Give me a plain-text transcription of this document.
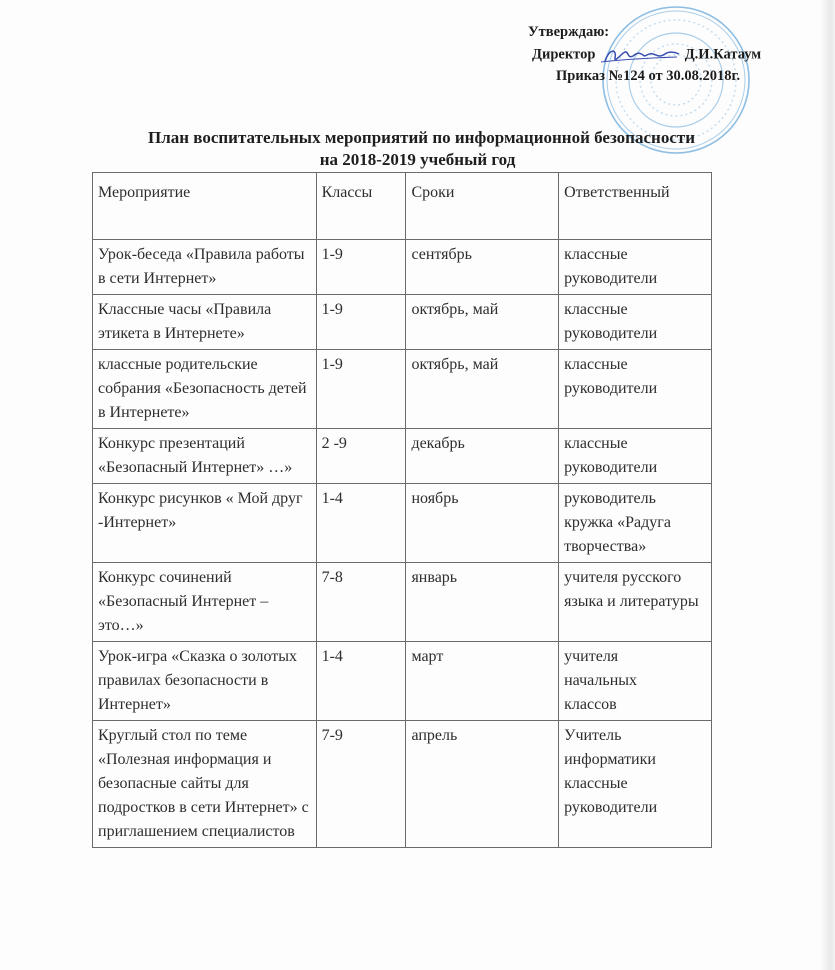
Утверждаю:
Директор	Д.И.Катаум
Приказ №124 от 30.08.2018г.
План воспитательных мероприятий по информационной безопасности
на 2018-2019 учебный год
Мероприятие	Классы	Сроки	Ответственный
Урок-беседа «Правила работы в сети Интернет»	1-9	сентябрь	классные
руководители
Классные часы «Правила этикета в Интернете»	1-9	октябрь, май	классные
руководители
классные родительские собрания «Безопасность детей в Интернете»	1-9	октябрь, май	классные
руководители
Конкурс презентаций «Безопасный Интернет» …»	2 -9	декабрь	классные
руководители
Конкурс рисунков « Мой друг -Интернет»	1-4	ноябрь	руководитель кружка «Радуга творчества»
Конкурс сочинений «Безопасный Интернет – это…»	7-8	январь	учителя русского языка и литературы
Урок-игра «Сказка о золотых правилах безопасности в Интернет»	1-4	март	учителя
начальных
классов
Круглый стол по теме «Полезная информация и безопасные сайты для подростков в сети Интернет» с приглашением специалистов	7-9	апрель	Учитель
информатики
классные
руководители
